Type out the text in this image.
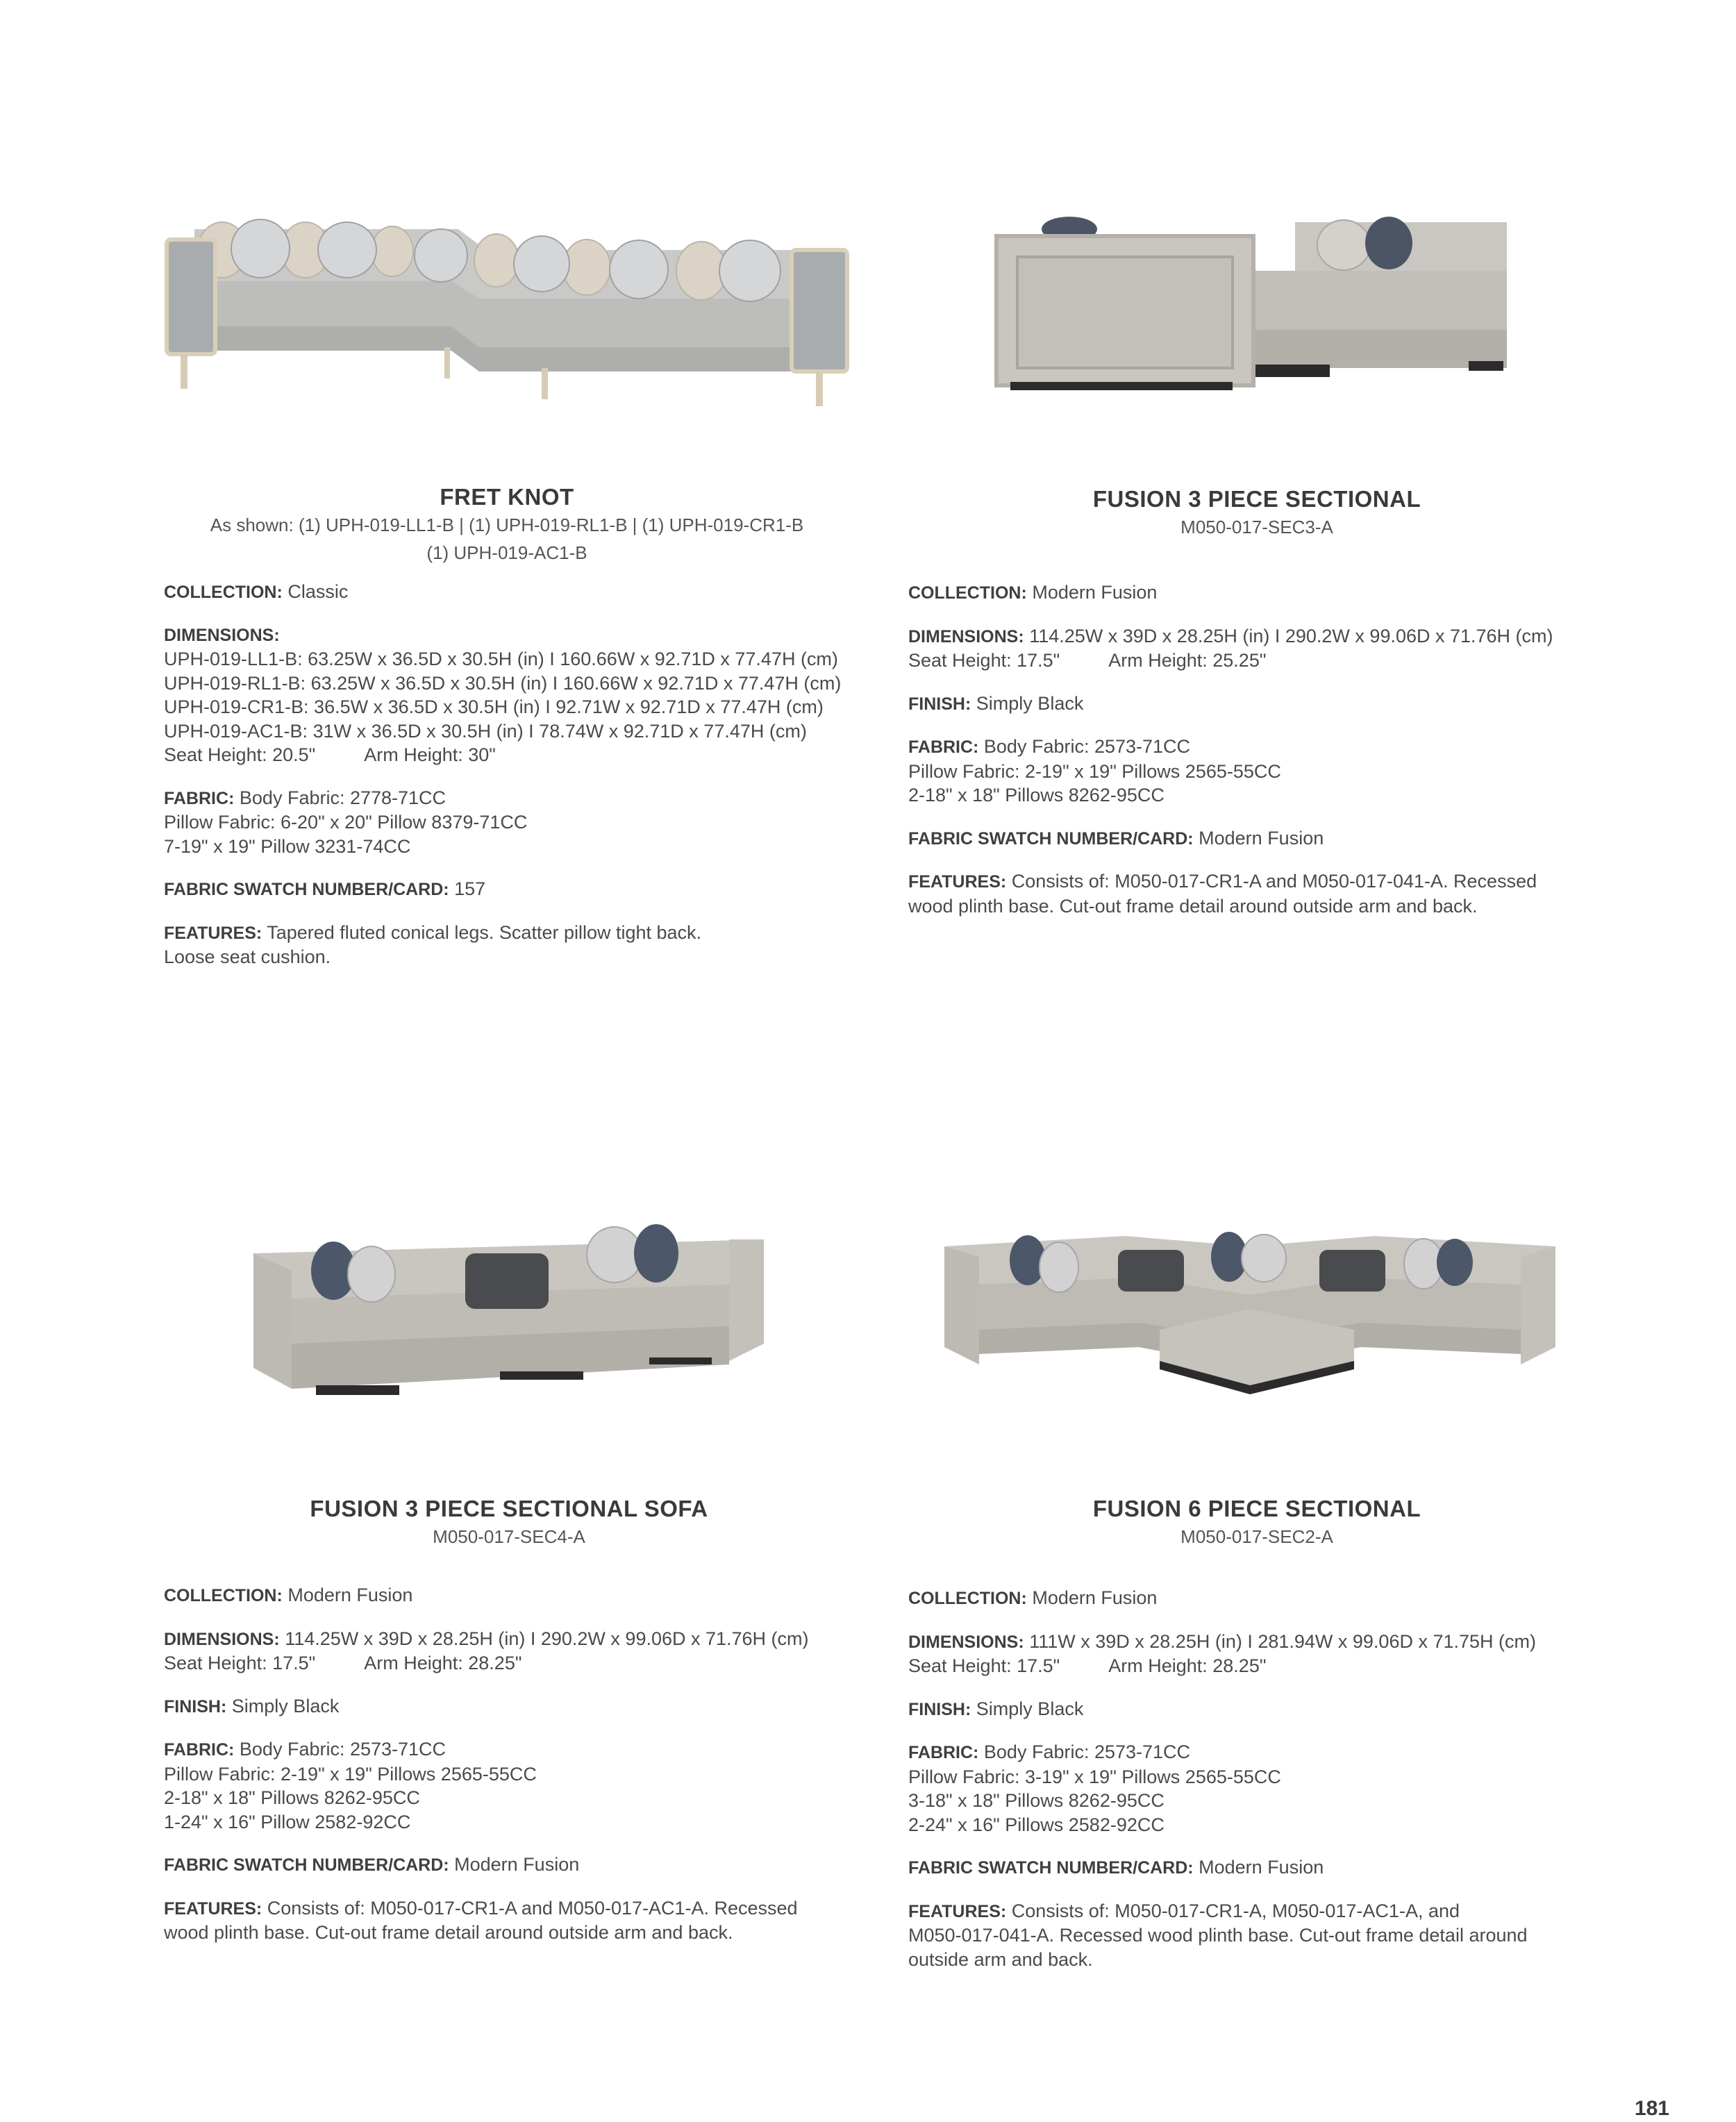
FRET KNOT
As shown: (1) UPH-019-LL1-B | (1) UPH-019-RL1-B | (1) UPH-019-CR1-B
(1) UPH-019-AC1-B
COLLECTION: Classic
DIMENSIONS:
UPH-019-LL1-B: 63.25W x 36.5D x 30.5H (in) I 160.66W x 92.71D x 77.47H (cm)
UPH-019-RL1-B: 63.25W x 36.5D x 30.5H (in) I 160.66W x 92.71D x 77.47H (cm)
UPH-019-CR1-B: 36.5W x 36.5D x 30.5H (in) I 92.71W x 92.71D x 77.47H (cm)
UPH-019-AC1-B: 31W x 36.5D x 30.5H (in) I 78.74W x 92.71D x 77.47H (cm)
Seat Height: 20.5"	Arm Height: 30"
FABRIC: Body Fabric: 2778-71CC
Pillow Fabric: 6-20" x 20" Pillow 8379-71CC
7-19" x 19" Pillow 3231-74CC
FABRIC SWATCH NUMBER/CARD: 157
FEATURES: Tapered fluted conical legs. Scatter pillow tight back.
Loose seat cushion.
FUSION 3 PIECE SECTIONAL
M050-017-SEC3-A
COLLECTION: Modern Fusion
DIMENSIONS: 114.25W x 39D x 28.25H (in) I 290.2W x 99.06D x 71.76H (cm)
Seat Height: 17.5"	Arm Height: 25.25"
FINISH: Simply Black
FABRIC: Body Fabric: 2573-71CC
Pillow Fabric: 2-19" x 19" Pillows 2565-55CC
2-18" x 18" Pillows 8262-95CC
FABRIC SWATCH NUMBER/CARD: Modern Fusion
FEATURES: Consists of: M050-017-CR1-A and M050-017-041-A. Recessed
wood plinth base. Cut-out frame detail around outside arm and back.
FUSION 3 PIECE SECTIONAL SOFA
M050-017-SEC4-A
COLLECTION: Modern Fusion
DIMENSIONS: 114.25W x 39D x 28.25H (in) I 290.2W x 99.06D x 71.76H (cm)
Seat Height: 17.5"	Arm Height: 28.25"
FINISH: Simply Black
FABRIC: Body Fabric: 2573-71CC
Pillow Fabric: 2-19" x 19" Pillows 2565-55CC
2-18" x 18" Pillows 8262-95CC
1-24" x 16" Pillow 2582-92CC
FABRIC SWATCH NUMBER/CARD: Modern Fusion
FEATURES: Consists of: M050-017-CR1-A and M050-017-AC1-A. Recessed
wood plinth base. Cut-out frame detail around outside arm and back.
FUSION 6 PIECE SECTIONAL
M050-017-SEC2-A
COLLECTION: Modern Fusion
DIMENSIONS: 111W x 39D x 28.25H (in) I 281.94W x 99.06D x 71.75H (cm)
Seat Height: 17.5"	Arm Height: 28.25"
FINISH: Simply Black
FABRIC: Body Fabric: 2573-71CC
Pillow Fabric: 3-19" x 19" Pillows 2565-55CC
3-18" x 18" Pillows 8262-95CC
2-24" x 16" Pillows 2582-92CC
FABRIC SWATCH NUMBER/CARD: Modern Fusion
FEATURES: Consists of: M050-017-CR1-A, M050-017-AC1-A, and
M050-017-041-A. Recessed wood plinth base. Cut-out frame detail around
outside arm and back.
181
